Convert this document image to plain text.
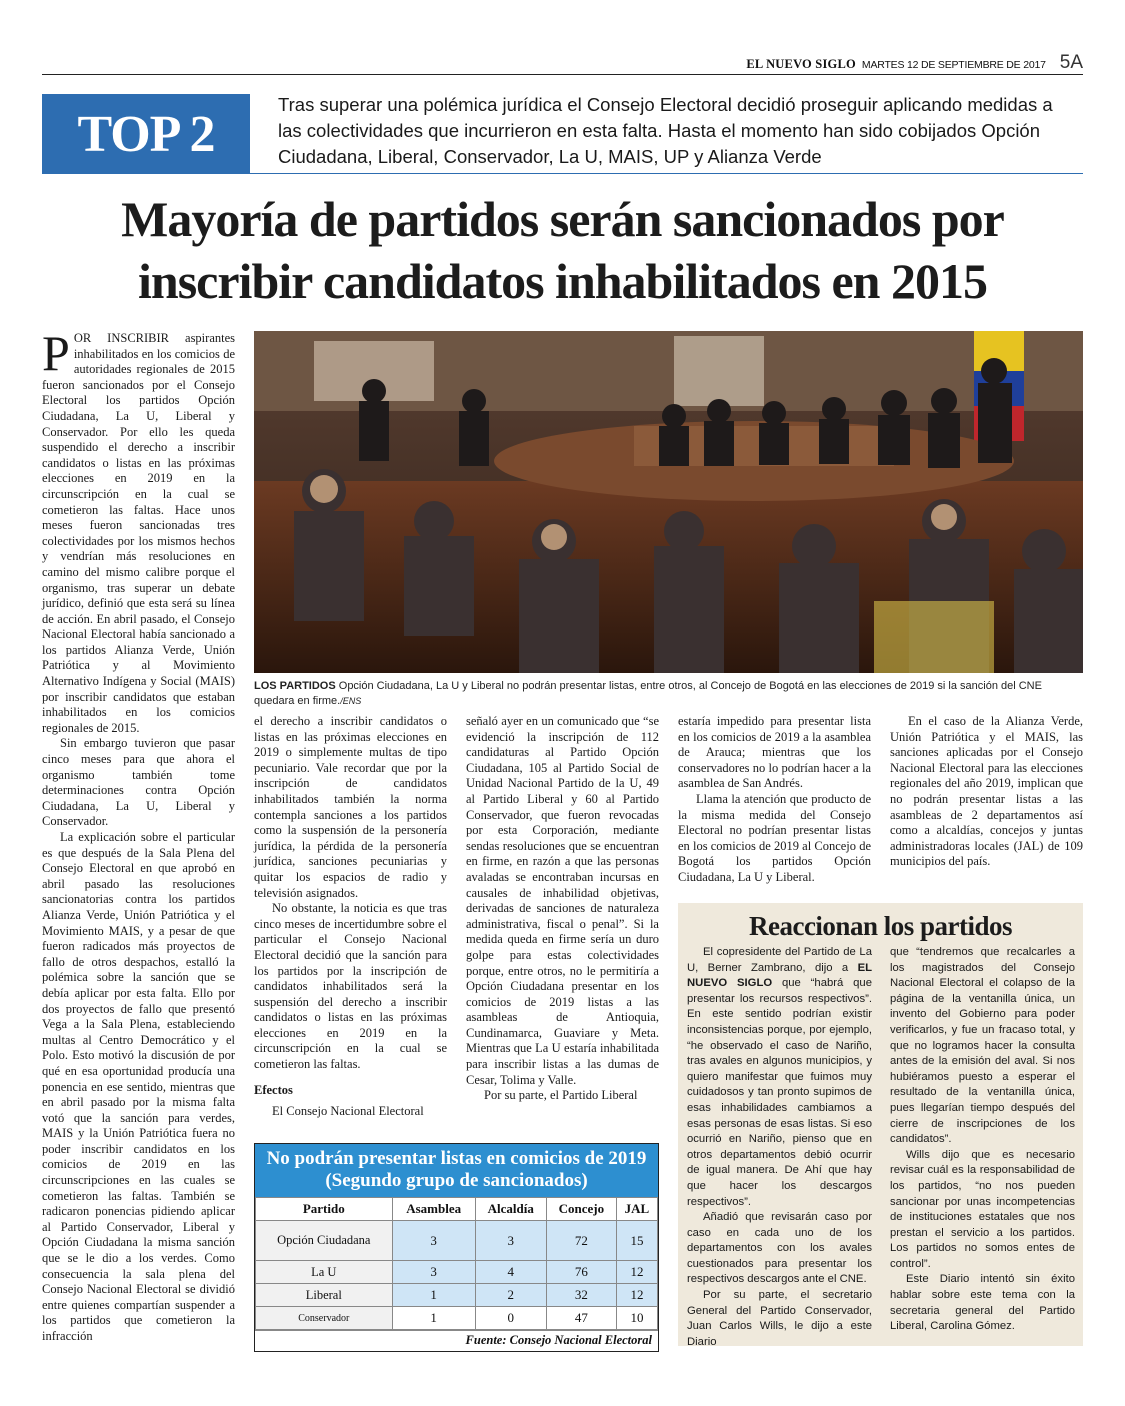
EL NUEVO SIGLO MARTES 12 DE SEPTIEMBRE DE 2017 5A
TOP 2
Tras superar una polémica jurídica el Consejo Electoral decidió proseguir aplicando medidas a las colectividades que incurrieron en esta falta. Hasta el momento han sido cobijados Opción Ciudadana, Liberal, Conservador, La U, MAIS, UP y Alianza Verde
Mayoría de partidos serán sancionados por
inscribir candidatos inhabilitados en 2015
LOS PARTIDOS Opción Ciudadana, La U y Liberal no podrán presentar listas, entre otros, al Concejo de Bogotá en las elecciones de 2019 si la sanción del CNE quedara en firme./ENS

POR INSCRIBIR aspirantes inhabilitados en los comicios de autoridades regionales de 2015 fueron sancionados por el Consejo Electoral los partidos Opción Ciudadana, La U, Liberal y Conservador. Por ello les queda suspendido el derecho a inscribir candidatos o listas en las próximas elecciones en 2019 en la circunscripción en la cual se cometieron las faltas. Hace unos meses fueron sancionadas tres colectividades por los mismos hechos y vendrían más resoluciones en camino del mismo calibre porque el organismo, tras superar un debate jurídico, definió que esta será su línea de acción. En abril pasado, el Consejo Nacional Electoral había sancionado a los partidos Alianza Verde, Unión Patriótica y al Movimiento Alternativo Indígena y Social (MAIS) por inscribir candidatos que estaban inhabilitados en los comicios regionales de 2015.

Sin embargo tuvieron que pasar cinco meses para que ahora el organismo también tome determinaciones contra Opción Ciudadana, La U, Liberal y Conservador.

La explicación sobre el particular es que después de la Sala Plena del Consejo Electoral en que aprobó en abril pasado las resoluciones sancionatorias contra los partidos Alianza Verde, Unión Patriótica y el Movimiento MAIS, y a pesar de que fueron radicados más proyectos de fallo de otros despachos, estalló la polémica sobre la sanción que se debía aplicar por esta falta. Ello por dos proyectos de fallo que presentó Vega a la Sala Plena, estableciendo multas al Centro Democrático y el Polo. Esto motivó la discusión de por qué en esa oportunidad producía una ponencia en ese sentido, mientras que en abril pasado por la misma falta votó que la sanción para verdes, MAIS y la Unión Patriótica fuera no poder inscribir candidatos en los comicios de 2019 en las circunscripciones en las cuales se cometieron las faltas. También se radicaron ponencias pidiendo aplicar al Partido Conservador, Liberal y Opción Ciudadana la misma sanción que se le dio a los verdes. Como consecuencia la sala plena del Consejo Nacional Electoral se dividió entre quienes compartían suspender a los partidos que cometieron la infracción

el derecho a inscribir candidatos o listas en las próximas elecciones en 2019 o simplemente multas de tipo pecuniario. Vale recordar que por la inscripción de candidatos inhabilitados también la norma contempla sanciones a los partidos como la suspensión de la personería jurídica, la pérdida de la personería jurídica, sanciones pecuniarias y quitar los espacios de radio y televisión asignados.

No obstante, la noticia es que tras cinco meses de incertidumbre sobre el particular el Consejo Nacional Electoral decidió que la sanción para los partidos por la inscripción de candidatos inhabilitados será la suspensión del derecho a inscribir candidatos o listas en las próximas elecciones en 2019 en la circunscripción en la cual se cometieron las faltas.

Efectos

El Consejo Nacional Electoral

señaló ayer en un comunicado que “se evidenció la inscripción de 112 candidaturas al Partido Opción Ciudadana, 105 al Partido Social de Unidad Nacional Partido de la U, 49 al Partido Liberal y 60 al Partido Conservador, que fueron revocadas por esta Corporación, mediante sendas resoluciones que se encuentran en firme, en razón a que las personas avaladas se encontraban incursas en causales de inhabilidad objetivas, derivadas de sanciones de naturaleza administrativa, fiscal o penal”. Si la medida queda en firme sería un duro golpe para estas colectividades porque, entre otros, no le permitiría a Opción Ciudadana presentar en los comicios de 2019 listas a las asambleas de Antioquia, Cundinamarca, Guaviare y Meta. Mientras que La U estaría inhabilitada para inscribir listas a las dumas de Cesar, Tolima y Valle.

Por su parte, el Partido Liberal

estaría impedido para presentar lista en los comicios de 2019 a la asamblea de Arauca; mientras que los conservadores no lo podrían hacer a la asamblea de San Andrés.

Llama la atención que producto de la misma medida del Consejo Electoral no podrían presentar listas en los comicios de 2019 al Concejo de Bogotá los partidos Opción Ciudadana, La U y Liberal.

En el caso de la Alianza Verde, Unión Patriótica y el MAIS, las sanciones aplicadas por el Consejo Nacional Electoral para las elecciones regionales del año 2019, implican que no podrán presentar listas a las asambleas de 2 departamentos así como a alcaldías, concejos y juntas administradoras locales (JAL) de 109 municipios del país.

No podrán presentar listas en comicios de 2019
(Segundo grupo de sancionados)
Partido	Asamblea	Alcaldía	Concejo	JAL
Opción Ciudadana	3	3	72	15
La U	3	4	76	12
Liberal	1	2	32	12
Conservador	1	0	47	10
Fuente: Consejo Nacional Electoral
Reaccionan los partidos

El copresidente del Partido de La U, Berner Zambrano, dijo a EL NUEVO SIGLO que “habrá que presentar los recursos respectivos”. En este sentido podrían existir inconsistencias porque, por ejemplo, “he observado el caso de Nariño, tras avales en algunos municipios, y quiero manifestar que fuimos muy cuidadosos y tan pronto supimos de esas inhabilidades cambiamos a esas personas de esas listas. Si eso ocurrió en Nariño, pienso que en otros departamentos debió ocurrir de igual manera. De Ahí que hay que hacer los descargos respectivos”.

Añadió que revisarán caso por caso en cada uno de los departamentos con los avales cuestionados para presentar los respectivos descargos ante el CNE.

Por su parte, el secretario General del Partido Conservador, Juan Carlos Wills, le dijo a este Diario

que “tendremos que recalcarles a los magistrados del Consejo Nacional Electoral el colapso de la página de la ventanilla única, un invento del Gobierno para poder verificarlos, y fue un fracaso total, y que no logramos hacer la consulta antes de la emisión del aval. Si nos hubiéramos puesto a esperar el resultado de la ventanilla única, pues llegarían tiempo después del cierre de inscripciones de los candidatos”.

Wills dijo que es necesario revisar cuál es la responsabilidad de los partidos, “no nos pueden sancionar por unas incompetencias de instituciones estatales que nos prestan el servicio a los partidos. Los partidos no somos entes de control”.

Este Diario intentó sin éxito hablar sobre este tema con la secretaria general del Partido Liberal, Carolina Gómez.
